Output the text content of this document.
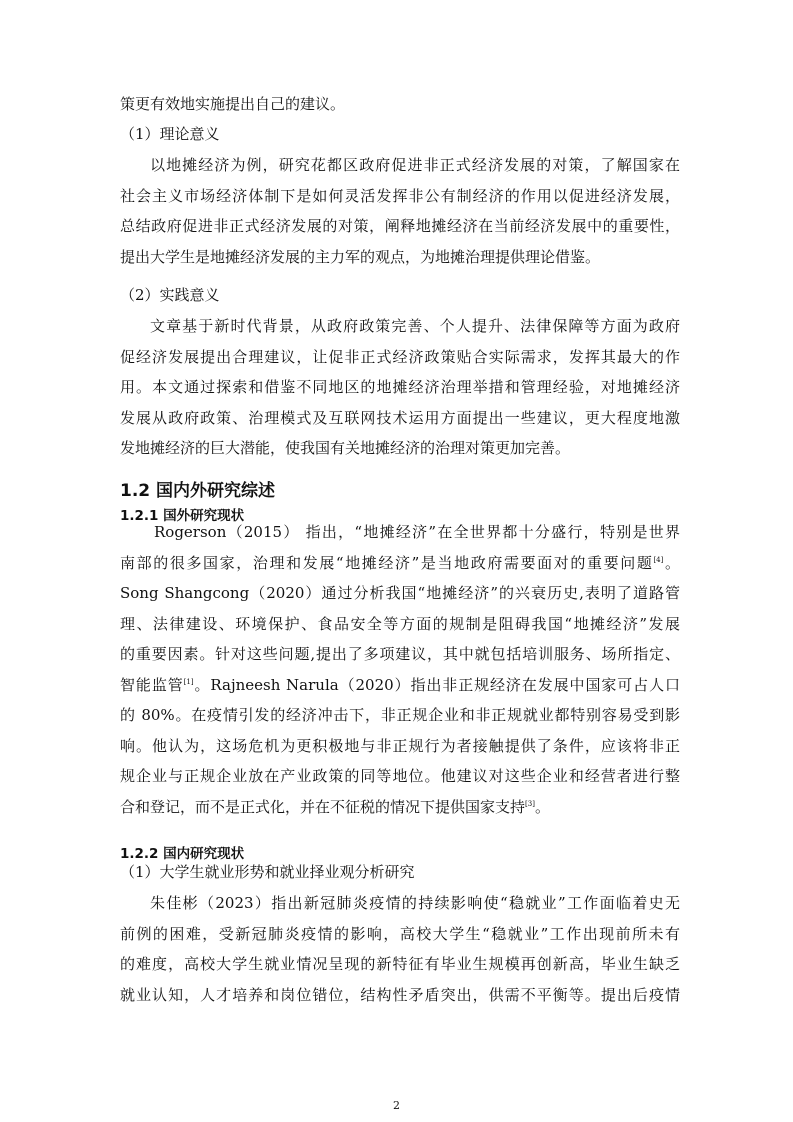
策更有效地实施提出自己的建议。

（1）理论意义

以地摊经济为例，研究花都区政府促进非正式经济发展的对策，了解国家在
社会主义市场经济体制下是如何灵活发挥非公有制经济的作用以促进经济发展，
总结政府促进非正式经济发展的对策，阐释地摊经济在当前经济发展中的重要性，
提出大学生是地摊经济发展的主力军的观点，为地摊治理提供理论借鉴。

（2）实践意义

文章基于新时代背景，从政府政策完善、个人提升、法律保障等方面为政府
促经济发展提出合理建议，让促非正式经济政策贴合实际需求，发挥其最大的作
用。本文通过探索和借鉴不同地区的地摊经济治理举措和管理经验，对地摊经济
发展从政府政策、治理模式及互联网技术运用方面提出一些建议，更大程度地激
发地摊经济的巨大潜能，使我国有关地摊经济的治理对策更加完善。

1.2 国内外研究综述
1.2.1 国外研究现状

Rogerson（2015） 指出，“地摊经济”在全世界都十分盛行，特别是世界
南部的很多国家，治理和发展“地摊经济”是当地政府需要面对的重要问题[4]。
Song Shangcong（2020）通过分析我国“地摊经济”的兴衰历史,表明了道路管
理、法律建设、环境保护、食品安全等方面的规制是阻碍我国“地摊经济”发展
的重要因素。针对这些问题,提出了多项建议，其中就包括培训服务、场所指定、
智能监管[1]。Rajneesh Narula（2020）指出非正规经济在发展中国家可占人口
的 80%。在疫情引发的经济冲击下，非正规企业和非正规就业都特别容易受到影
响。他认为，这场危机为更积极地与非正规行为者接触提供了条件，应该将非正
规企业与正规企业放在产业政策的同等地位。他建议对这些企业和经营者进行整
合和登记，而不是正式化，并在不征税的情况下提供国家支持[3]。

1.2.2 国内研究现状

（1）大学生就业形势和就业择业观分析研究

朱佳彬（2023）指出新冠肺炎疫情的持续影响使“稳就业”工作面临着史无
前例的困难，受新冠肺炎疫情的影响，高校大学生“稳就业”工作出现前所未有
的难度，高校大学生就业情况呈现的新特征有毕业生规模再创新高，毕业生缺乏
就业认知，人才培养和岗位错位，结构性矛盾突出，供需不平衡等。提出后疫情

2
